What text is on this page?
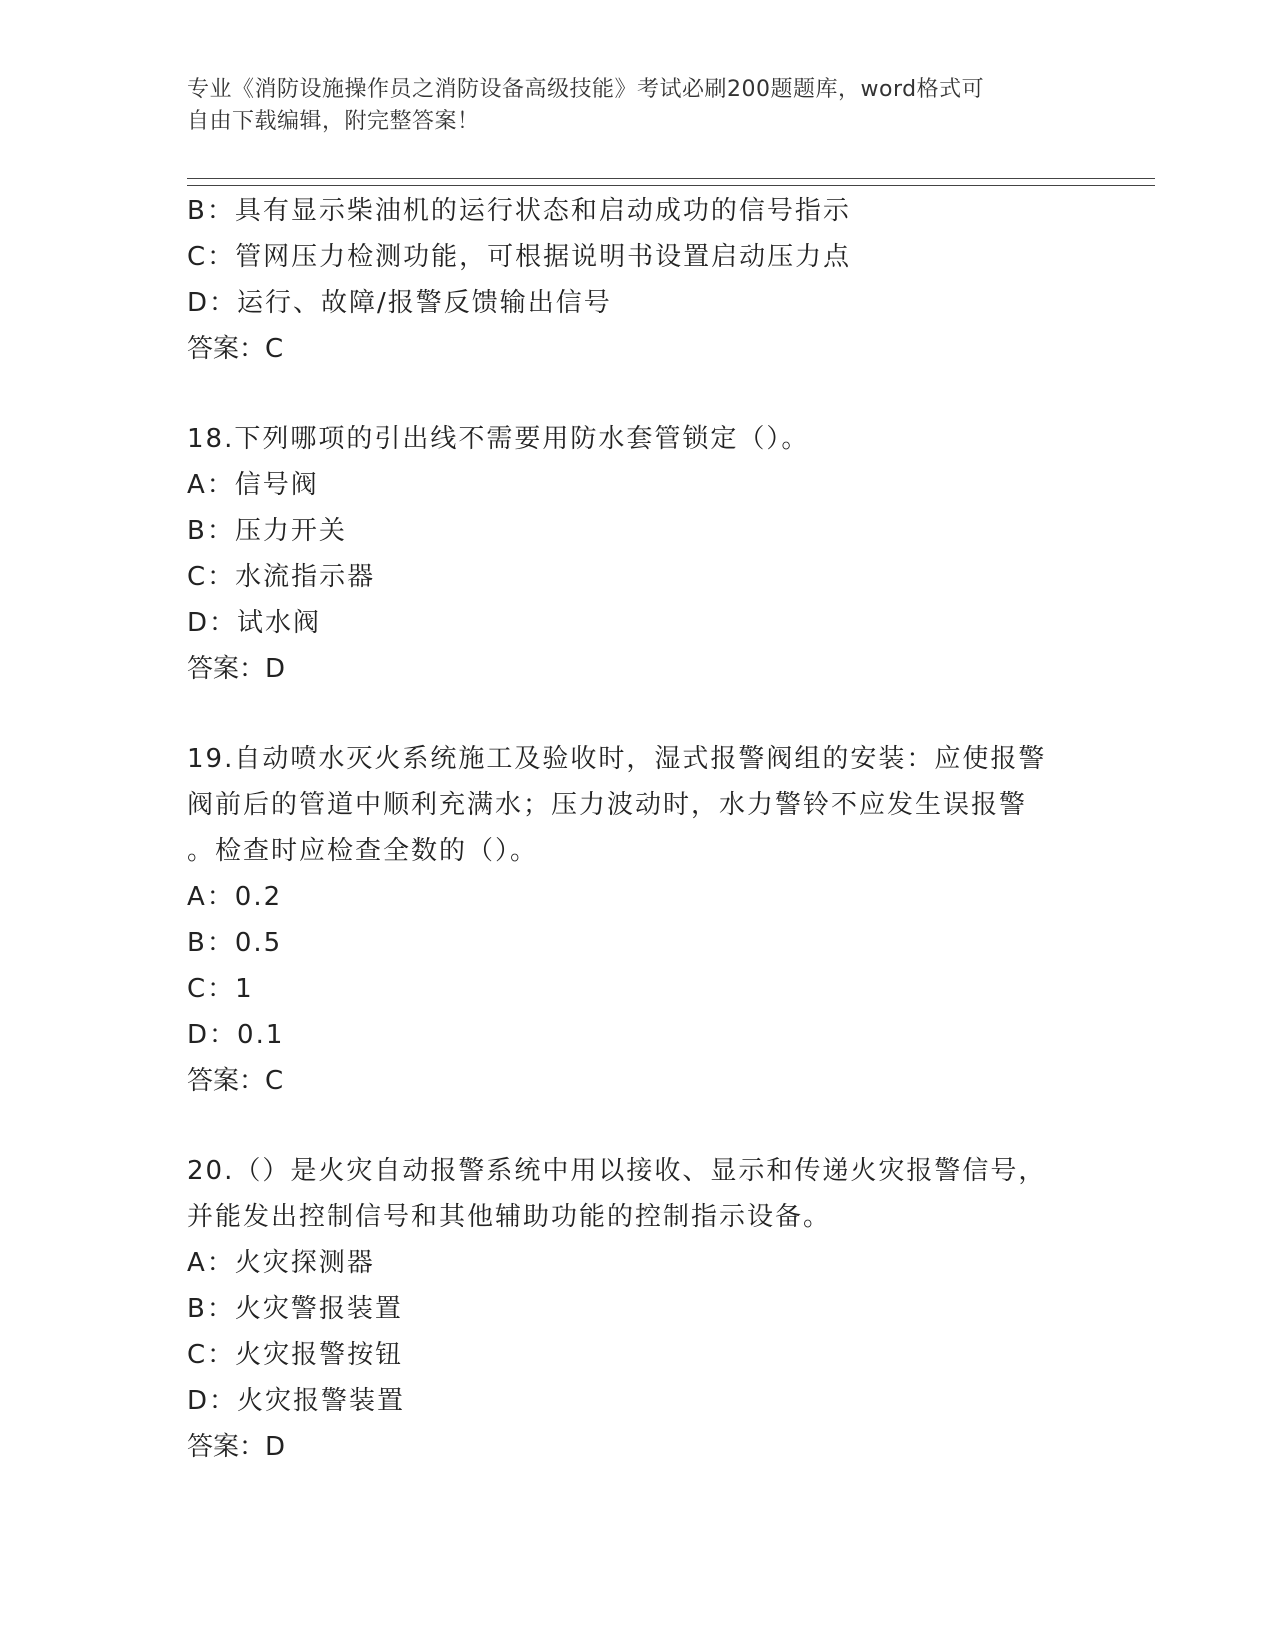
专业《消防设施操作员之消防设备高级技能》考试必刷200题题库，word格式可
自由下载编辑，附完整答案！
B：具有显示柴油机的运行状态和启动成功的信号指示
C：管网压力检测功能，可根据说明书设置启动压力点
D：运行、故障/报警反馈输出信号
答案：C
18.下列哪项的引出线不需要用防水套管锁定（）。
A：信号阀
B：压力开关
C：水流指示器
D：试水阀
答案：D
19.自动喷水灭火系统施工及验收时，湿式报警阀组的安装：应使报警
阀前后的管道中顺利充满水；压力波动时，水力警铃不应发生误报警
。检查时应检查全数的（）。
A：0.2
B：0.5
C：1
D：0.1
答案：C
20.（）是火灾自动报警系统中用以接收、显示和传递火灾报警信号，
并能发出控制信号和其他辅助功能的控制指示设备。
A：火灾探测器
B：火灾警报装置
C：火灾报警按钮
D：火灾报警装置
答案：D
